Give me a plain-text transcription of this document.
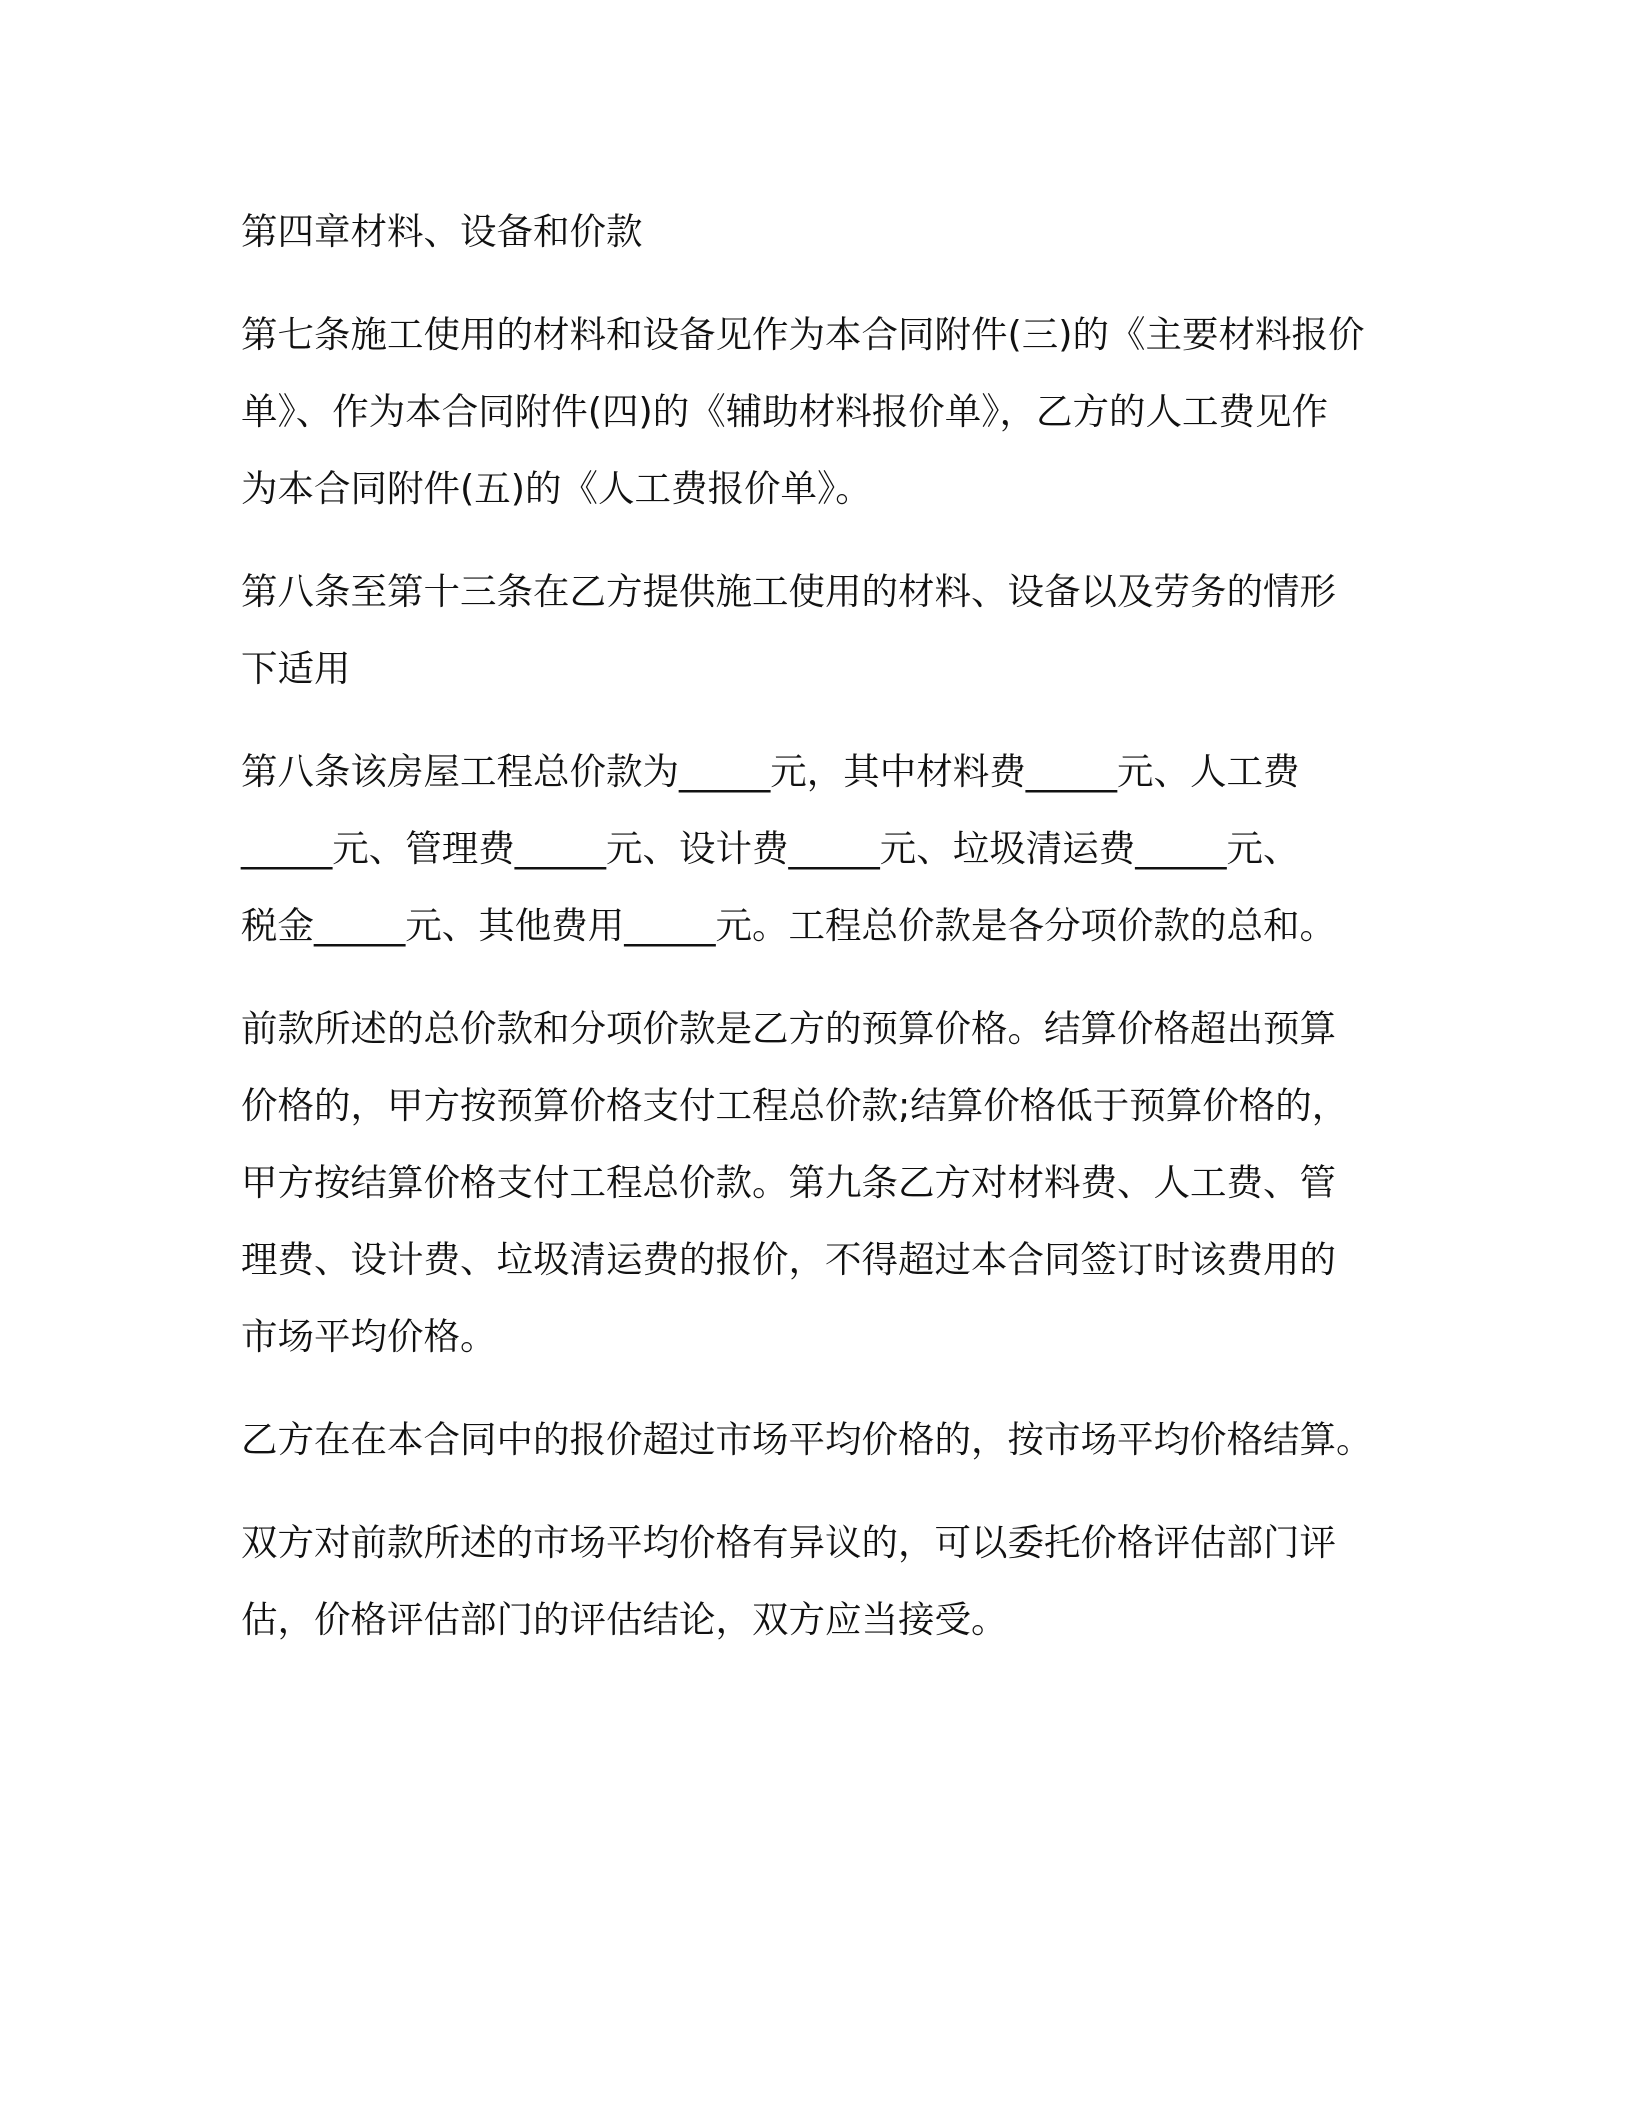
第四章材料、设备和价款
第七条施工使用的材料和设备见作为本合同附件(三)的《主要材料报价
单》、作为本合同附件(四)的《辅助材料报价单》，乙方的人工费见作
为本合同附件(五)的《人工费报价单》。
第八条至第十三条在乙方提供施工使用的材料、设备以及劳务的情形
下适用
第八条该房屋工程总价款为_____元，其中材料费_____元、人工费
_____元、管理费_____元、设计费_____元、垃圾清运费_____元、
税金_____元、其他费用_____元。工程总价款是各分项价款的总和。
前款所述的总价款和分项价款是乙方的预算价格。结算价格超出预算
价格的，甲方按预算价格支付工程总价款;结算价格低于预算价格的，
甲方按结算价格支付工程总价款。第九条乙方对材料费、人工费、管
理费、设计费、垃圾清运费的报价，不得超过本合同签订时该费用的
市场平均价格。
乙方在在本合同中的报价超过市场平均价格的，按市场平均价格结算。
双方对前款所述的市场平均价格有异议的，可以委托价格评估部门评
估，价格评估部门的评估结论，双方应当接受。
